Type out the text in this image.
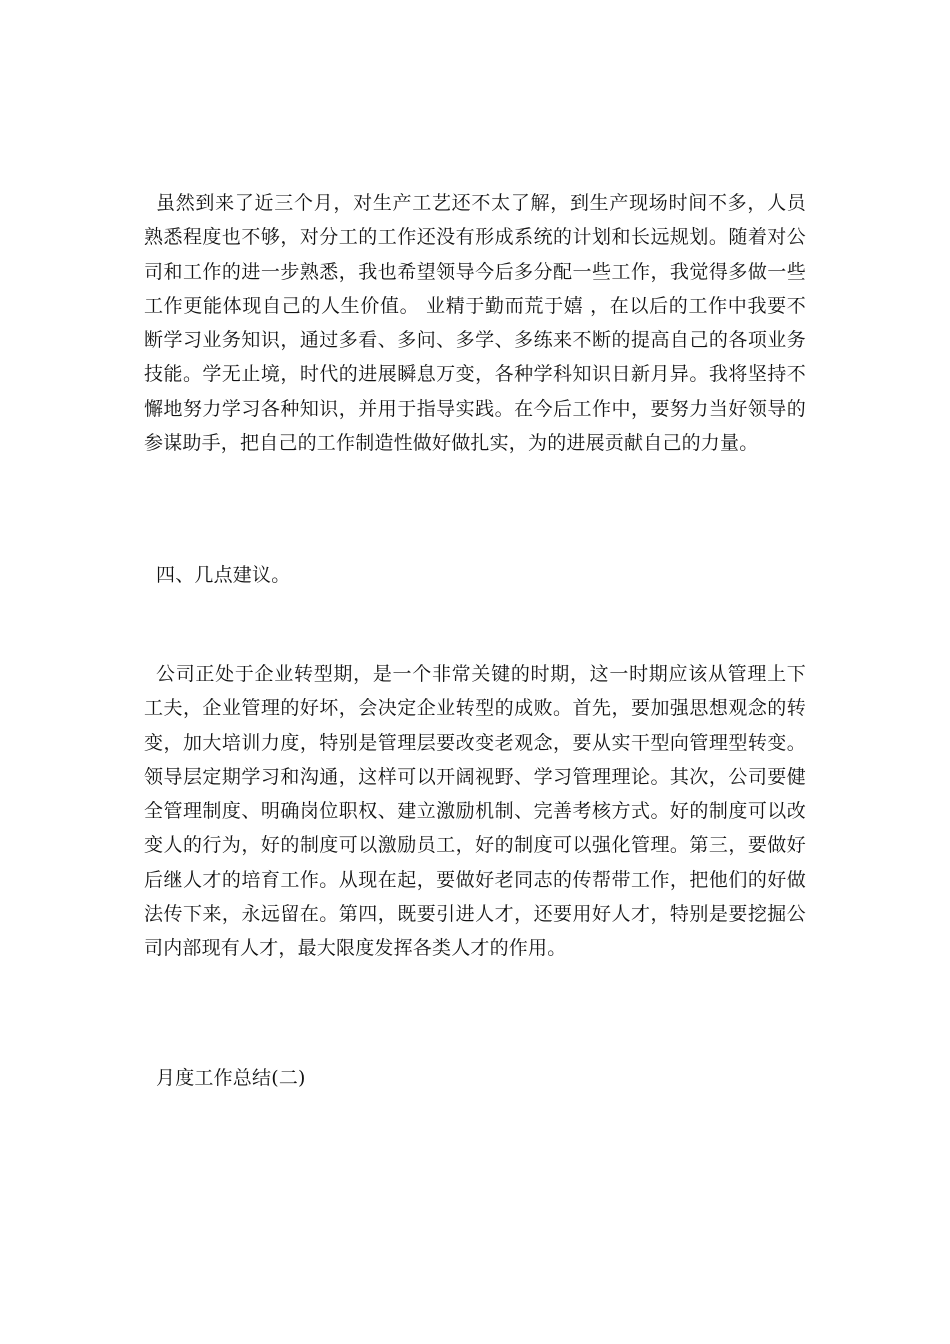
虽然到来了近三个月，对生产工艺还不太了解，到生产现场时间不多，人员熟悉程度也不够，对分工的工作还没有形成系统的计划和长远规划。随着对公司和工作的进一步熟悉，我也希望领导今后多分配一些工作，我觉得多做一些工作更能体现自己的人生价值。 业精于勤而荒于嬉 ，在以后的工作中我要不断学习业务知识，通过多看、多问、多学、多练来不断的提高自己的各项业务技能。学无止境，时代的进展瞬息万变，各种学科知识日新月异。我将坚持不懈地努力学习各种知识，并用于指导实践。在今后工作中，要努力当好领导的参谋助手，把自己的工作制造性做好做扎实，为的进展贡献自己的力量。

四、几点建议。

公司正处于企业转型期，是一个非常关键的时期，这一时期应该从管理上下工夫，企业管理的好坏，会决定企业转型的成败。首先，要加强思想观念的转变，加大培训力度，特别是管理层要改变老观念，要从实干型向管理型转变。领导层定期学习和沟通，这样可以开阔视野、学习管理理论。其次，公司要健全管理制度、明确岗位职权、建立激励机制、完善考核方式。好的制度可以改变人的行为，好的制度可以激励员工，好的制度可以强化管理。第三，要做好后继人才的培育工作。从现在起，要做好老同志的传帮带工作，把他们的好做法传下来，永远留在。第四，既要引进人才，还要用好人才，特别是要挖掘公司内部现有人才，最大限度发挥各类人才的作用。

月度工作总结(二)
